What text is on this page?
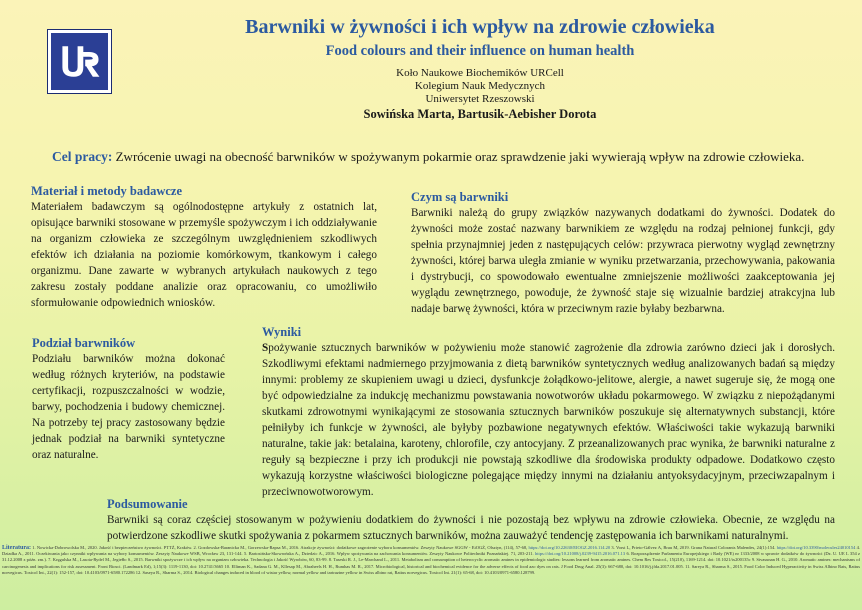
Barwniki w żywności i ich wpływ na zdrowie człowieka
Food colours and their influence on human health
Koło Naukowe Biochemików URCell
Kolegium Nauk Medycznych
Uniwersytet Rzeszowski
Sowińska Marta, Bartusik-Aebisher Dorota
Cel pracy: Zwrócenie uwagi na obecność barwników w spożywanym pokarmie oraz sprawdzenie jaki wywierają wpływ na zdrowie człowieka.
Materiał i metody badawcze
Materiałem badawczym są ogólnodostępne artykuły z ostatnich lat, opisujące barwniki stosowane w przemyśle spożywczym i ich oddziaływanie na organizm człowieka ze szczególnym uwzględnieniem szkodliwych efektów ich działania na poziomie komórkowym, tkankowym i całego organizmu. Dane zawarte w wybranych artykułach naukowych z tego zakresu zostały poddane analizie oraz opracowaniu, co umożliwiło sformułowanie odpowiednich wniosków.
Czym są barwniki
Barwniki należą do grupy związków nazywanych dodatkami do żywności. Dodatek do żywności może zostać nazwany barwnikiem ze względu na rodzaj pełnionej funkcji, gdy spełnia przynajmniej jeden z następujących celów: przywraca pierwotny wygląd zewnętrzny żywności, której barwa uległa zmianie w wyniku przetwarzania, przechowywania, pakowania i dystrybucji, co spowodowało ewentualne zmniejszenie możliwości zaakceptowania jej wyglądu zewnętrznego, powoduje, że żywność staje się wizualnie bardziej atrakcyjna lub nadaje barwę żywności, która w przeciwnym razie byłaby bezbarwna.
Podział barwników
Podziału barwników można dokonać według różnych kryteriów, na podstawie certyfikacji, rozpuszczalności w wodzie, barwy, pochodzenia i budowy chemicznej. Na potrzeby tej pracy zastosowany będzie jednak podział na barwniki syntetyczne oraz naturalne.
Wyniki
Spożywanie sztucznych barwników w pożywieniu może stanowić zagrożenie dla zdrowia zarówno dzieci jak i dorosłych. Szkodliwymi efektami nadmiernego przyjmowania z dietą barwników syntetycznych według analizowanych badań są między innymi: problemy ze skupieniem uwagi u dzieci, dysfunkcje żołądkowo-jelitowe, alergie, a nawet sugeruje się, że mogą one być odpowiedzialne za indukcję mechanizmu powstawania nowotworów układu pokarmowego. W związku z niepożądanymi skutkami zdrowotnymi wynikającymi ze stosowania sztucznych barwników poszukuje się alternatywnych substancji, które pełniłyby ich funkcje w żywności, ale byłyby pozbawione negatywnych efektów. Właściwości takie wykazują barwniki naturalne, takie jak: betalaina, karoteny, chlorofile, czy antocyjany. Z przeanalizowanych prac wynika, że barwniki naturalne z reguły są bezpieczne i przy ich produkcji nie powstają szkodliwe dla środowiska produkty odpadowe. Dodatkowo często wykazują korzystne właściwości biologiczne polegające między innymi na działaniu antyoksydacyjnym, przeciwzapalnym i przeciwnowotworowym.
Podsumowanie
Barwniki są coraz częściej stosowanym w pożywieniu dodatkiem do żywności i nie pozostają bez wpływu na zdrowie człowieka. Obecnie, ze względu na potwierdzone szkodliwe skutki spożywania z pokarmem sztucznych barwników, można zauważyć tendencję zastępowania ich barwnikami naturalnymi.
Literatura: 1. Nowicka-Dobrowolska M., 2020. Jakość i bezpieczeństwo żywności. PTTŻ, Kraków. 2. Gozdowska-Baranicka M., Gorzewska-Rapsa M., 2016. Atrakcje żywności: dodatkowe zagrożenie wyboru konsumentów. Zeszyty Naukowe SGGW - EiOGŻ, Olsztyn, (114), 57-68, https://doi.org/10.22630/EIOGZ.2016.114.20 3. Vorst L, Prieto-Gálvez A, Brau M, 2019. Grana Natural Colorants Malendes, 24(1):154. https://doi.org/10.3390/molecules24010154 4. Dziadka A., 2011. Oczekiwania jako czynniki wpływania na wybory konsumentów. Zeszyty Naukowe WSB, Wrocław 23, 131-144. 5. Bartosińska-Skowrońska A., Dziedzic A., 2016. Wpływ spożywania na zachowania konsumentów. Zeszyty Naukowe Politechniki Poznańskiej. 71, 203-211. https://doi.org/10.21008/j.0239-9415.2016.071.13 6. Rozporządzenie Parlamentu Europejskiego i Rady (WE) nr 1333/2008 w sprawie dodatków do żywności (Dz. U. UE L 354 z 31.12.2008 z późn. zm.). 7. Kręgulska M., Lasota-Rydel M., Jegiełło S., 2015. Barwniki spożywcze i ich wpływ na organizm człowieka. Technologia i Jakość Wyrobów, 60, 83-99. 8. Taseski R. J., Le-Marchand L., 2011. Metabolism and consumption of heterocyclic aromatic amines in epidemiologic studies: lessons learned from aromatic amines. Chem Res Toxicol., 15(210), 1169-1214. doi: 10.1021/tx200135c 9. Sivasunan H. G., 2010. Aromatic amines: mechanisms of carcinogenesis and implications for risk assessment. Front Biosci. (Landmark Ed), 1;15(3): 1119-1130, doi: 10.2741/3665 10. Elliman K., Sadana G. M., Kllesap M., Abraheels H. H., Rumhas M. R., 2017. Microbiological, historical and biochemical evidence for the adverse effects of food azo dyes on rats. J Food Drug Anal. 25(3): 667-680, doi: 10.1016/j.jfda.2017.01.005. 11. Sareya R., Sharma S., 2015. Food Color Induced Hyperactivity in Swiss Albino Rats, Rattus norvegicus. Toxicol Int., 22(1): 152-157, doi: 10.4103/0971-6580.172286 12. Saseya R., Sharma S., 2014. Biological changes induced in blood of wistar yellow, normal yellow and tartrazine yellow in Swiss albino rat, Rattus norvegicus. Toxicol Int. 21(1): 65-68, doi: 10.4103/0971-6580.128799.
